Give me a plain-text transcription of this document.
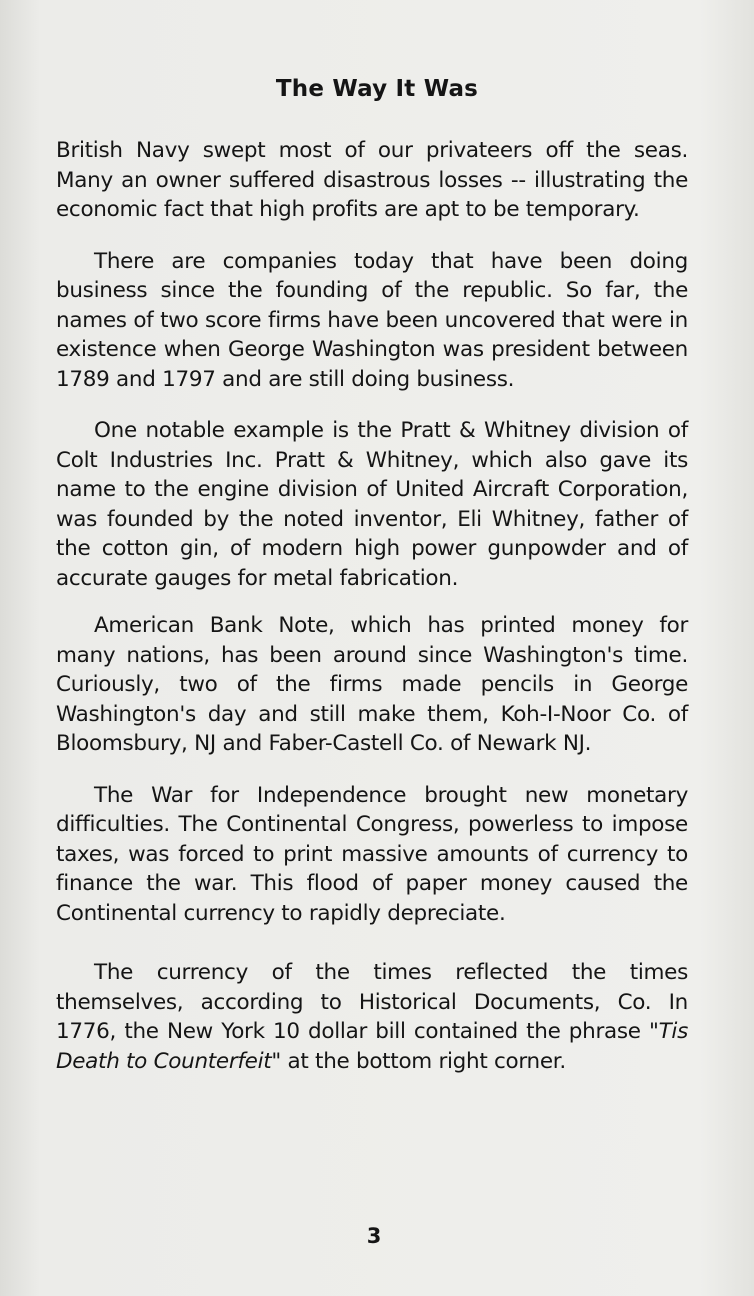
The Way It Was

British Navy swept most of our privateers off the seas. Many an owner suffered disastrous losses -- illustrating the economic fact that high profits are apt to be temporary.

There are companies today that have been doing business since the founding of the republic. So far, the names of two score firms have been uncovered that were in existence when George Washington was president between 1789 and 1797 and are still doing business.

One notable example is the Pratt & Whitney division of Colt Industries Inc. Pratt & Whitney, which also gave its name to the engine division of United Aircraft Corporation, was founded by the noted inventor, Eli Whitney, father of the cotton gin, of modern high power gunpowder and of accurate gauges for metal fabrication.

American Bank Note, which has printed money for many nations, has been around since Washington's time. Curiously, two of the firms made pencils in George Washington's day and still make them, Koh-I-Noor Co. of Bloomsbury, NJ and Faber-Castell Co. of Newark NJ.

The War for Independence brought new monetary difficulties. The Continental Congress, powerless to impose taxes, was forced to print massive amounts of currency to finance the war. This flood of paper money caused the Continental currency to rapidly depreciate.

The currency of the times reflected the times themselves, according to Historical Documents, Co. In 1776, the New York 10 dollar bill contained the phrase "Tis Death to Counterfeit" at the bottom right corner.

3
